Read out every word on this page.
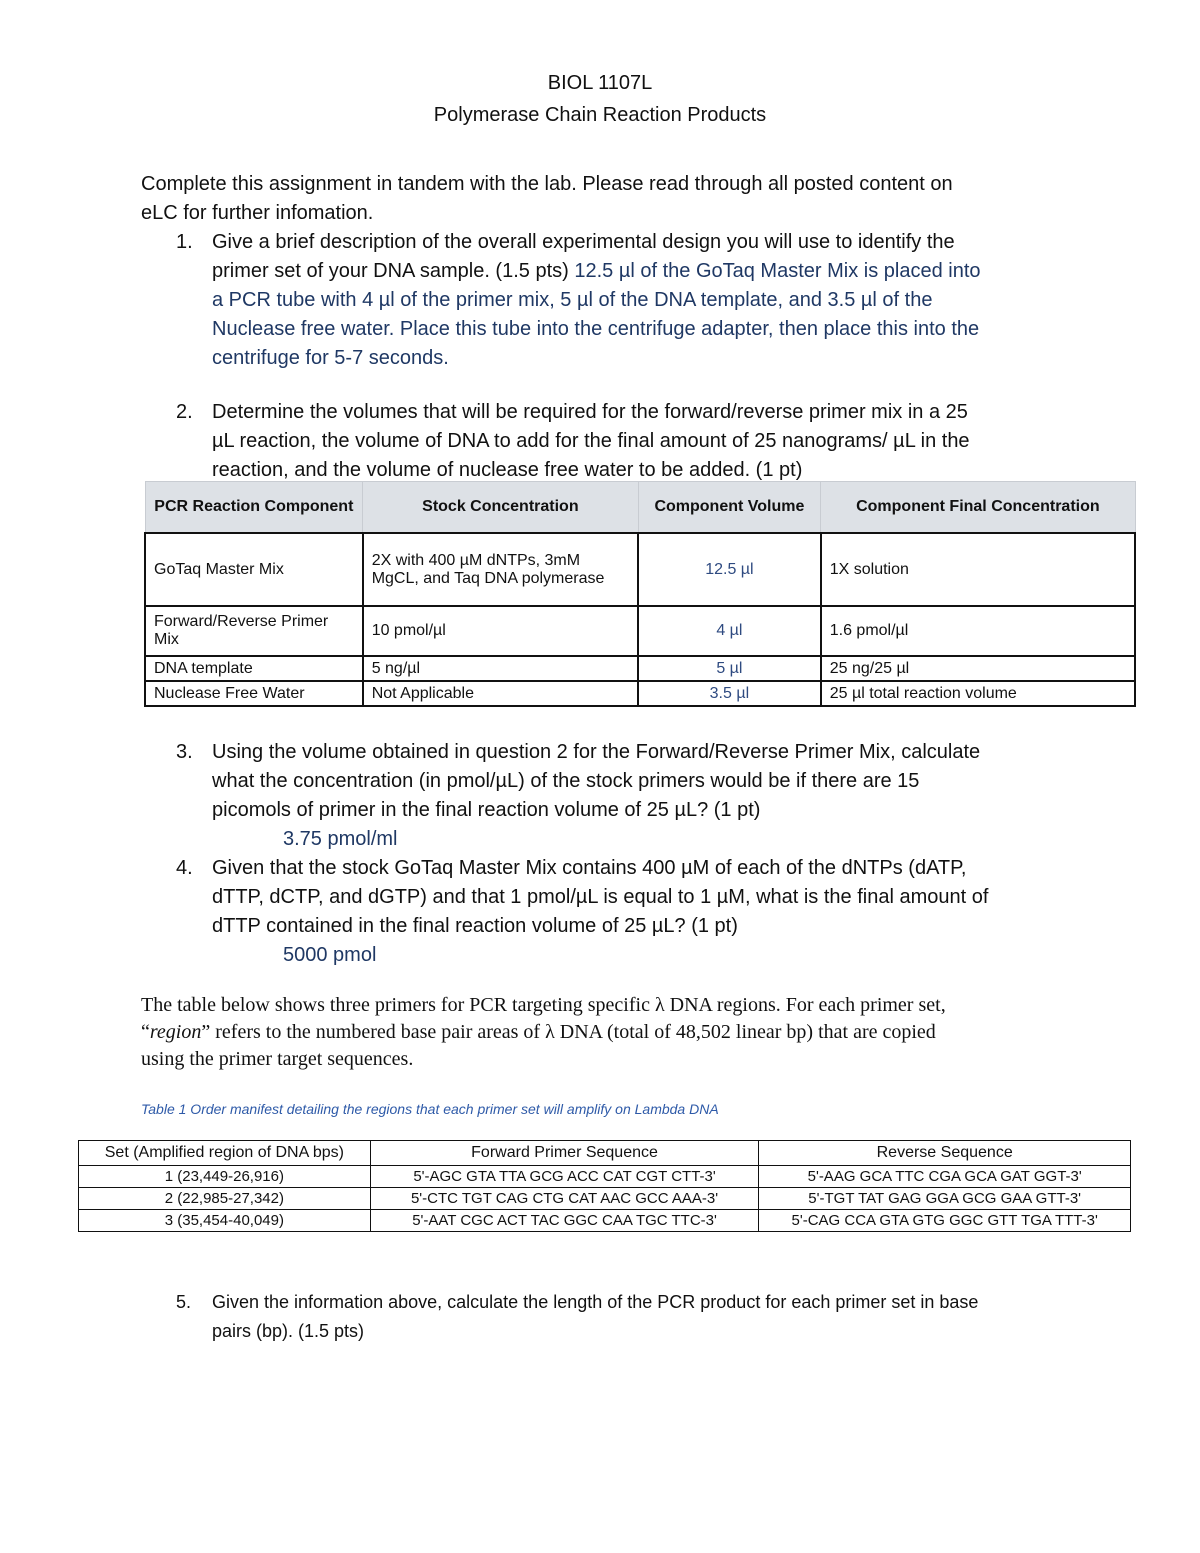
BIOL 1107L
Polymerase Chain Reaction Products
Complete this assignment in tandem with the lab. Please read through all posted content on
eLC for further infomation.
1. Give a brief description of the overall experimental design you will use to identify the
primer set of your DNA sample. (1.5 pts) 12.5 µl of the GoTaq Master Mix is placed into
a PCR tube with 4 µl of the primer mix, 5 µl of the DNA template, and 3.5 µl of the
Nuclease free water. Place this tube into the centrifuge adapter, then place this into the
centrifuge for 5-7 seconds.
2. Determine the volumes that will be required for the forward/reverse primer mix in a 25
µL reaction, the volume of DNA to add for the final amount of 25 nanograms/ µL in the
reaction, and the volume of nuclease free water to be added. (1 pt)
PCR Reaction Component	Stock Concentration	Component Volume	Component Final Concentration
GoTaq Master Mix	2X with 400 µM dNTPs, 3mM MgCL, and Taq DNA polymerase	12.5 µl	1X solution
Forward/Reverse Primer Mix	10 pmol/µl	4 µl	1.6 pmol/µl
DNA template	5 ng/µl	5 µl	25 ng/25 µl
Nuclease Free Water	Not Applicable	3.5 µl	25 µl total reaction volume
3. Using the volume obtained in question 2 for the Forward/Reverse Primer Mix, calculate
what the concentration (in pmol/µL) of the stock primers would be if there are 15
picomols of primer in the final reaction volume of 25 µL? (1 pt)
3.75 pmol/ml
4. Given that the stock GoTaq Master Mix contains 400 µM of each of the dNTPs (dATP,
dTTP, dCTP, and dGTP) and that 1 pmol/µL is equal to 1 µM, what is the final amount of
dTTP contained in the final reaction volume of 25 µL? (1 pt)
5000 pmol
The table below shows three primers for PCR targeting specific λ DNA regions. For each primer set,
“region” refers to the numbered base pair areas of λ DNA (total of 48,502 linear bp) that are copied
using the primer target sequences.
Table 1 Order manifest detailing the regions that each primer set will amplify on Lambda DNA
Set (Amplified region of DNA bps)	Forward Primer Sequence	Reverse Sequence
1 (23,449-26,916)	5'-AGC GTA TTA GCG ACC CAT CGT CTT-3'	5'-AAG GCA TTC CGA GCA GAT GGT-3'
2 (22,985-27,342)	5'-CTC TGT CAG CTG CAT AAC GCC AAA-3'	5'-TGT TAT GAG GGA GCG GAA GTT-3'
3 (35,454-40,049)	5'-AAT CGC ACT TAC GGC CAA TGC TTC-3'	5'-CAG CCA GTA GTG GGC GTT TGA TTT-3'
5. Given the information above, calculate the length of the PCR product for each primer set in base
pairs (bp). (1.5 pts)
